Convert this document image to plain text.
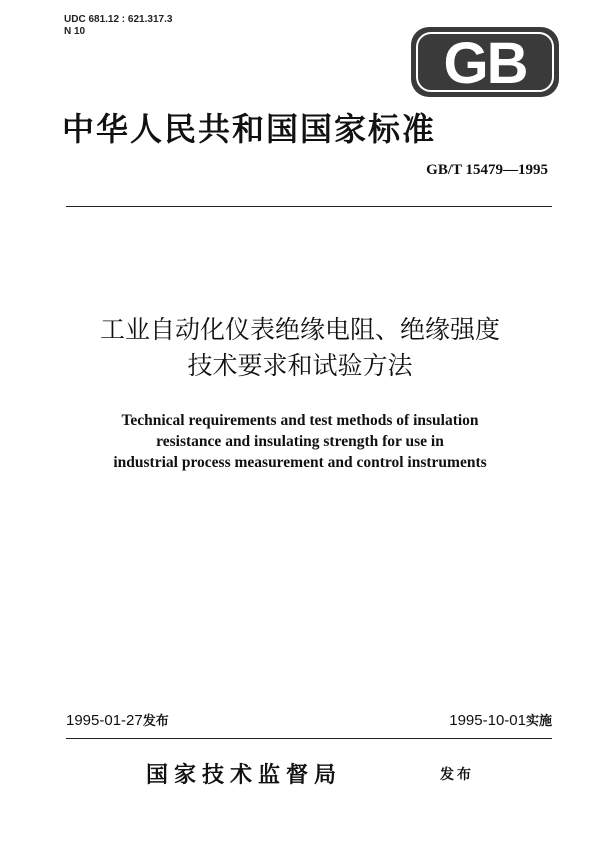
UDC 681.12 : 621.317.3
N 10	GB
中华人民共和国国家标准
GB/T 15479—1995
工业自动化仪表绝缘电阻、绝缘强度
技术要求和试验方法
Technical requirements and test methods of insulation
resistance and insulating strength for use in
industrial process measurement and control instruments
1995-01-27发布	1995-10-01实施
国家技术监督局	发布
